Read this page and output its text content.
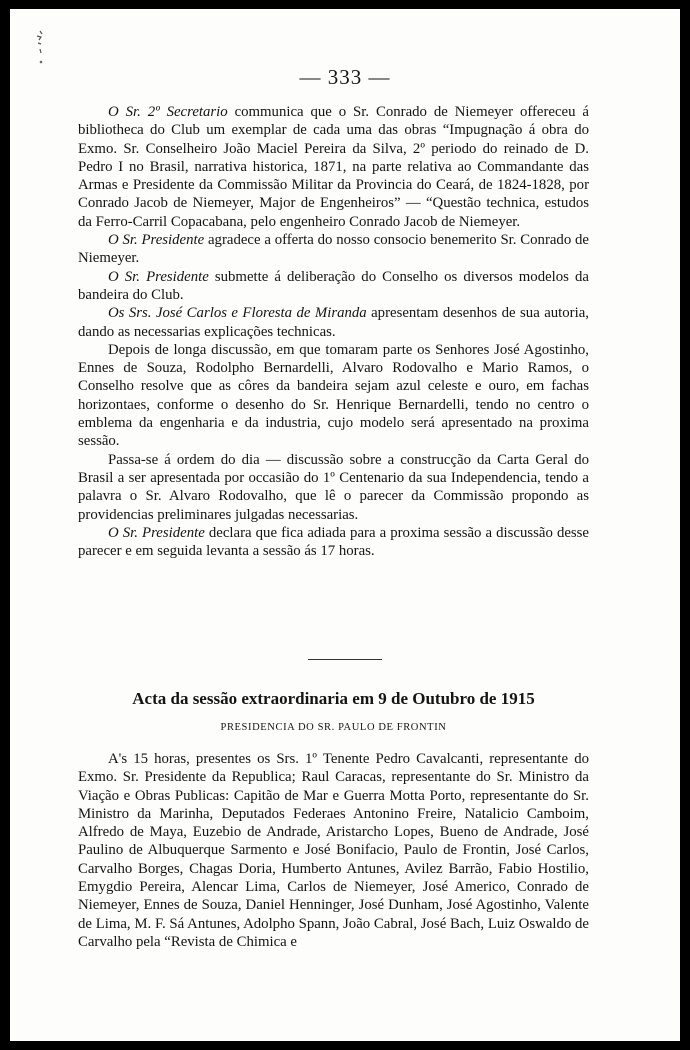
— 333 —

O Sr. 2º Secretario communica que o Sr. Conrado de Niemeyer offereceu á bibliotheca do Club um exemplar de cada uma das obras “Impugnação á obra do Exmo. Sr. Conselheiro João Maciel Pereira da Silva, 2º periodo do reinado de D. Pedro I no Brasil, narrativa historica, 1871, na parte relativa ao Commandante das Armas e Presidente da Commissão Militar da Provincia do Ceará, de 1824-1828, por Conrado Jacob de Niemeyer, Major de Engenheiros” — “Questão technica, estudos da Ferro-Carril Copacabana, pelo engenheiro Conrado Jacob de Niemeyer.

O Sr. Presidente agradece a offerta do nosso consocio benemerito Sr. Conrado de Niemeyer.

O Sr. Presidente submette á deliberação do Conselho os diversos modelos da bandeira do Club.

Os Srs. José Carlos e Floresta de Miranda apresentam desenhos de sua autoria, dando as necessarias explicações technicas.

Depois de longa discussão, em que tomaram parte os Senhores José Agostinho, Ennes de Souza, Rodolpho Bernardelli, Alvaro Rodovalho e Mario Ramos, o Conselho resolve que as côres da bandeira sejam azul celeste e ouro, em fachas horizontaes, conforme o desenho do Sr. Henrique Bernardelli, tendo no centro o emblema da engenharia e da industria, cujo modelo será apresentado na proxima sessão.

Passa-se á ordem do dia — discussão sobre a construcção da Carta Geral do Brasil a ser apresentada por occasião do 1º Centenario da sua Independencia, tendo a palavra o Sr. Alvaro Rodovalho, que lê o parecer da Commissão propondo as providencias preliminares julgadas necessarias.

O Sr. Presidente declara que fica adiada para a proxima sessão a discussão desse parecer e em seguida levanta a sessão ás 17 horas.

Acta da sessão extraordinaria em 9 de Outubro de 1915
PRESIDENCIA DO SR. PAULO DE FRONTIN

A's 15 horas, presentes os Srs. 1º Tenente Pedro Cavalcanti, representante do Exmo. Sr. Presidente da Republica; Raul Caracas, representante do Sr. Ministro da Viação e Obras Publicas: Capitão de Mar e Guerra Motta Porto, representante do Sr. Ministro da Marinha, Deputados Federaes Antonino Freire, Natalicio Camboim, Alfredo de Maya, Euzebio de Andrade, Aristarcho Lopes, Bueno de Andrade, José Paulino de Albuquerque Sarmento e José Bonifacio, Paulo de Frontin, José Carlos, Carvalho Borges, Chagas Doria, Humberto Antunes, Avilez Barrão, Fabio Hostilio, Emygdio Pereira, Alencar Lima, Carlos de Niemeyer, José Americo, Conrado de Niemeyer, Ennes de Souza, Daniel Henninger, José Dunham, José Agostinho, Valente de Lima, M. F. Sá Antunes, Adolpho Spann, João Cabral, José Bach, Luiz Oswaldo de Carvalho pela “Revista de Chimica e
